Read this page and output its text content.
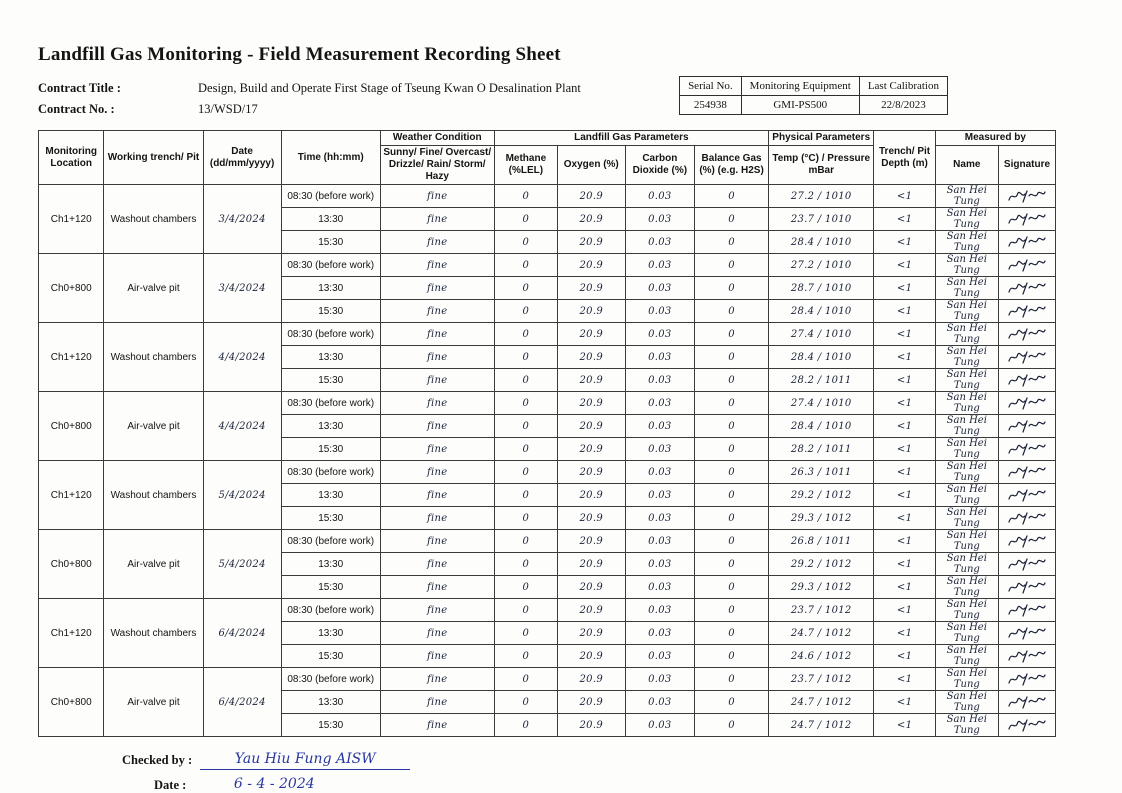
Landfill Gas Monitoring - Field Measurement Recording Sheet
Contract Title :	Design, Build and Operate First Stage of Tseung Kwan O Desalination Plant
Contract No. :	13/WSD/17
Serial No.	Monitoring Equipment	Last Calibration
254938	GMI-PS500	22/8/2023
Monitoring Location	Working trench/ Pit	Date (dd/mm/yyyy)	Time (hh:mm)	Weather Condition	Landfill Gas Parameters				Physical Parameters	Trench/ Pit Depth (m)	Measured by	
				Sunny/ Fine/ Overcast/ Drizzle/ Rain/ Storm/ Hazy	Methane (%LEL)	Oxygen (%)	Carbon Dioxide (%)	Balance Gas (%) (e.g. H2S)	Temp (°C) / Pressure mBar		Name	Signature
Ch1+120	Washout chambers	3/4/2024	08:30 (before work)	fine	0	20.9	0.03	0	27.2 / 1010	<1	San Hei Tung	

			13:30	fine	0	20.9	0.03	0	23.7 / 1010	<1	San Hei Tung	

			15:30	fine	0	20.9	0.03	0	28.4 / 1010	<1	San Hei Tung	

Ch0+800	Air-valve pit	3/4/2024	08:30 (before work)	fine	0	20.9	0.03	0	27.2 / 1010	<1	San Hei Tung	

			13:30	fine	0	20.9	0.03	0	28.7 / 1010	<1	San Hei Tung	

			15:30	fine	0	20.9	0.03	0	28.4 / 1010	<1	San Hei Tung	

Ch1+120	Washout chambers	4/4/2024	08:30 (before work)	fine	0	20.9	0.03	0	27.4 / 1010	<1	San Hei Tung	

			13:30	fine	0	20.9	0.03	0	28.4 / 1010	<1	San Hei Tung	

			15:30	fine	0	20.9	0.03	0	28.2 / 1011	<1	San Hei Tung	

Ch0+800	Air-valve pit	4/4/2024	08:30 (before work)	fine	0	20.9	0.03	0	27.4 / 1010	<1	San Hei Tung	

			13:30	fine	0	20.9	0.03	0	28.4 / 1010	<1	San Hei Tung	

			15:30	fine	0	20.9	0.03	0	28.2 / 1011	<1	San Hei Tung	

Ch1+120	Washout chambers	5/4/2024	08:30 (before work)	fine	0	20.9	0.03	0	26.3 / 1011	<1	San Hei Tung	

			13:30	fine	0	20.9	0.03	0	29.2 / 1012	<1	San Hei Tung	

			15:30	fine	0	20.9	0.03	0	29.3 / 1012	<1	San Hei Tung	

Ch0+800	Air-valve pit	5/4/2024	08:30 (before work)	fine	0	20.9	0.03	0	26.8 / 1011	<1	San Hei Tung	

			13:30	fine	0	20.9	0.03	0	29.2 / 1012	<1	San Hei Tung	

			15:30	fine	0	20.9	0.03	0	29.3 / 1012	<1	San Hei Tung	

Ch1+120	Washout chambers	6/4/2024	08:30 (before work)	fine	0	20.9	0.03	0	23.7 / 1012	<1	San Hei Tung	

			13:30	fine	0	20.9	0.03	0	24.7 / 1012	<1	San Hei Tung	

			15:30	fine	0	20.9	0.03	0	24.6 / 1012	<1	San Hei Tung	

Ch0+800	Air-valve pit	6/4/2024	08:30 (before work)	fine	0	20.9	0.03	0	23.7 / 1012	<1	San Hei Tung	

			13:30	fine	0	20.9	0.03	0	24.7 / 1012	<1	San Hei Tung	

			15:30	fine	0	20.9	0.03	0	24.7 / 1012	<1	San Hei Tung	
Checked by :	Yau Hiu Fung AISW
Date :	6 - 4 - 2024
